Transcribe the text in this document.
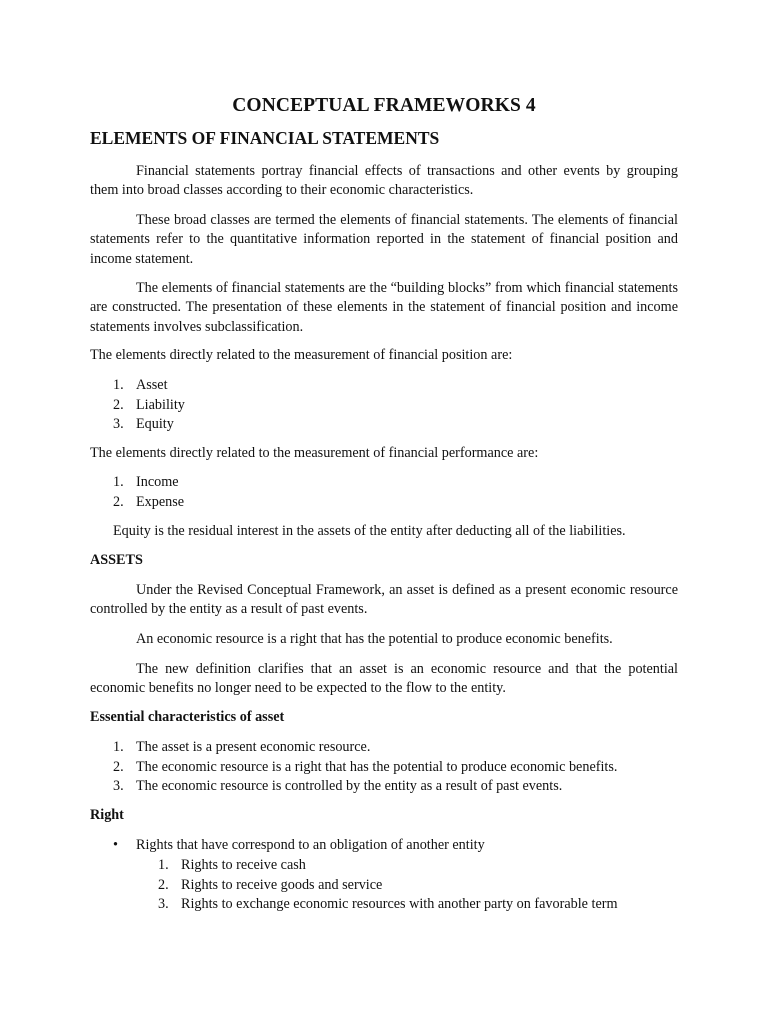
CONCEPTUAL FRAMEWORKS 4
ELEMENTS OF FINANCIAL STATEMENTS

Financial statements portray financial effects of transactions and other events by grouping them into broad classes according to their economic characteristics.

These broad classes are termed the elements of financial statements. The elements of financial statements refer to the quantitative information reported in the statement of financial position and income statement.

The elements of financial statements are the “building blocks” from which financial statements are constructed. The presentation of these elements in the statement of financial position and income statements involves subclassification.

The elements directly related to the measurement of financial position are:

1. Asset
2. Liability
3. Equity

The elements directly related to the measurement of financial performance are:

1. Income
2. Expense

Equity is the residual interest in the assets of the entity after deducting all of the liabilities.

ASSETS

Under the Revised Conceptual Framework, an asset is defined as a present economic resource controlled by the entity as a result of past events.

An economic resource is a right that has the potential to produce economic benefits.

The new definition clarifies that an asset is an economic resource and that the potential economic benefits no longer need to be expected to the flow to the entity.

Essential characteristics of asset
1. The asset is a present economic resource.
2. The economic resource is a right that has the potential to produce economic benefits.
3. The economic resource is controlled by the entity as a result of past events.
Right
• Rights that have correspond to an obligation of another entity
1. Rights to receive cash
2. Rights to receive goods and service
3. Rights to exchange economic resources with another party on favorable term
